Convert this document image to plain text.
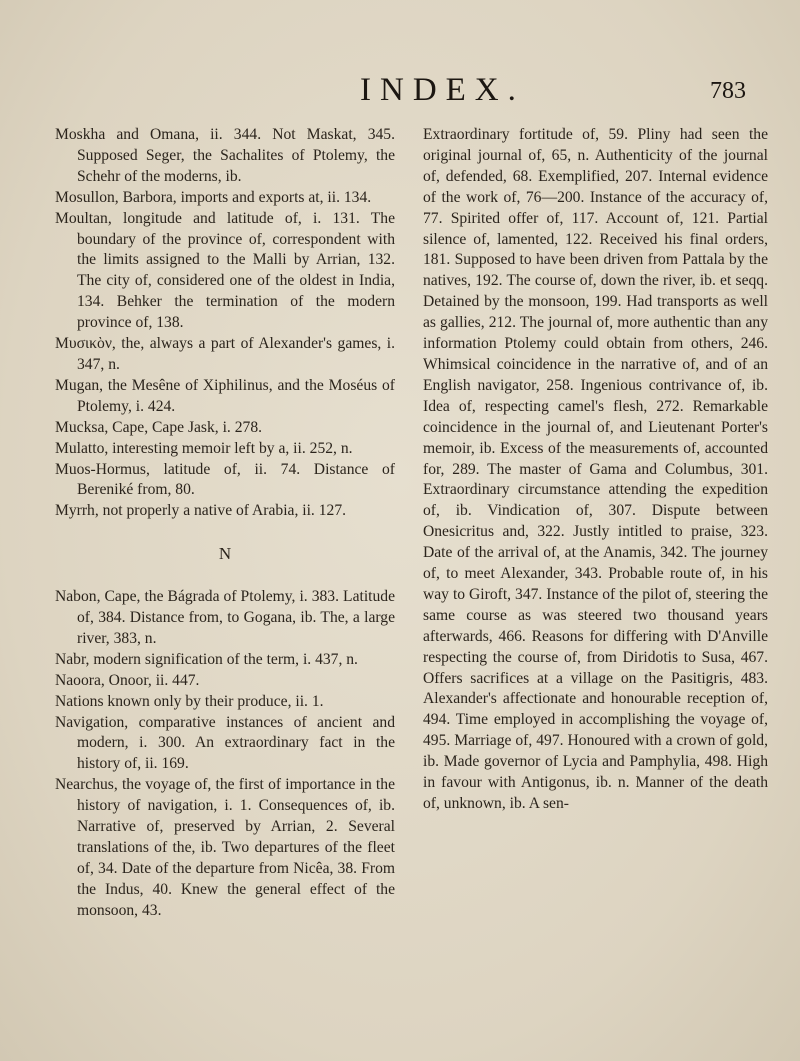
INDEX.	783

Moskha and Omana, ii. 344. Not Maskat, 345. Supposed Seger, the Sachalites of Ptolemy, the Schehr of the moderns, ib.

Mosullon, Barbora, imports and exports at, ii. 134.

Moultan, longitude and latitude of, i. 131. The boundary of the province of, correspondent with the limits assigned to the Malli by Arrian, 132. The city of, considered one of the oldest in India, 134. Behker the termination of the modern province of, 138.

Μυσικὸν, the, always a part of Alexander's games, i. 347, n.

Mugan, the Mesêne of Xiphilinus, and the Moséus of Ptolemy, i. 424.

Mucksa, Cape, Cape Jask, i. 278.

Mulatto, interesting memoir left by a, ii. 252, n.

Muos-Hormus, latitude of, ii. 74. Distance of Bereniké from, 80.

Myrrh, not properly a native of Arabia, ii. 127.

N

Nabon, Cape, the Bágrada of Ptolemy, i. 383. Latitude of, 384. Distance from, to Gogana, ib. The, a large river, 383, n.

Nabr, modern signification of the term, i. 437, n.

Naoora, Onoor, ii. 447.

Nations known only by their produce, ii. 1.

Navigation, comparative instances of ancient and modern, i. 300. An extraordinary fact in the history of, ii. 169.

Nearchus, the voyage of, the first of importance in the history of navigation, i. 1. Consequences of, ib. Narrative of, preserved by Arrian, 2. Several translations of the, ib. Two departures of the fleet of, 34. Date of the departure from Nicêa, 38. From the Indus, 40. Knew the general effect of the monsoon, 43.

Extraordinary fortitude of, 59. Pliny had seen the original journal of, 65, n. Authenticity of the journal of, defended, 68. Exemplified, 207. Internal evidence of the work of, 76—200. Instance of the accuracy of, 77. Spirited offer of, 117. Account of, 121. Partial silence of, lamented, 122. Received his final orders, 181. Supposed to have been driven from Pattala by the natives, 192. The course of, down the river, ib. et seqq. Detained by the monsoon, 199. Had transports as well as gallies, 212. The journal of, more authentic than any information Ptolemy could obtain from others, 246. Whimsical coincidence in the narrative of, and of an English navigator, 258. Ingenious contrivance of, ib. Idea of, respecting camel's flesh, 272. Remarkable coincidence in the journal of, and Lieutenant Porter's memoir, ib. Excess of the measurements of, accounted for, 289. The master of Gama and Columbus, 301. Extraordinary circumstance attending the expedition of, ib. Vindication of, 307. Dispute between Onesicritus and, 322. Justly intitled to praise, 323. Date of the arrival of, at the Anamis, 342. The journey of, to meet Alexander, 343. Probable route of, in his way to Giroft, 347. Instance of the pilot of, steering the same course as was steered two thousand years afterwards, 466. Reasons for differing with D'Anville respecting the course of, from Diridotis to Susa, 467. Offers sacrifices at a village on the Pasitigris, 483. Alexander's affectionate and honourable reception of, 494. Time employed in accomplishing the voyage of, 495. Marriage of, 497. Honoured with a crown of gold, ib. Made governor of Lycia and Pamphylia, 498. High in favour with Antigonus, ib. n. Manner of the death of, unknown, ib. A sen-
